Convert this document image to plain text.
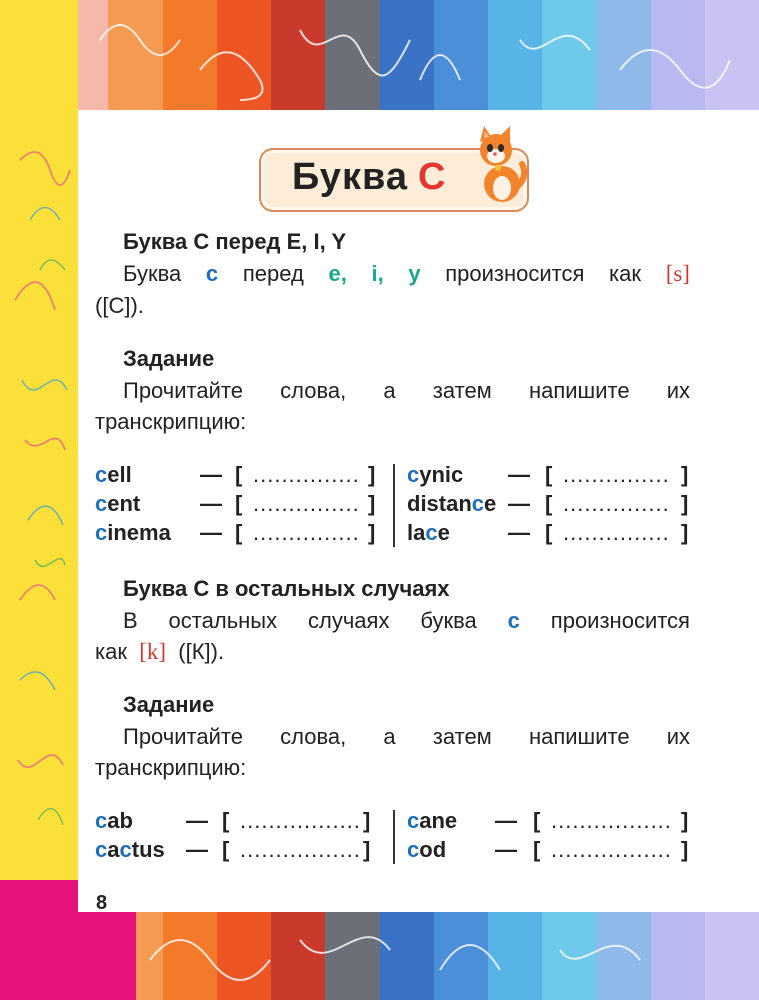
8
Буква С
Буква С перед E, I, Y
Буква c перед e, i, y произносится как [s]
([С]).
Задание
Прочитайте слова, а затем напишите их
транскрипцию:
cell	— [ ............... ] cynic — [ ............... ]
cent	— [ ............... ] distance — [ ............... ]
cinema — [ ............... ] lace	— [ ............... ]
Буква С в остальных случаях
В остальных случаях буква c произносится
как [k] ([К]).
Задание
Прочитайте слова, а затем напишите их
транскрипцию:
cab — [ ................. ] cane — [ ................. ]
cactus — [ ................. ] cod — [ ................. ]
